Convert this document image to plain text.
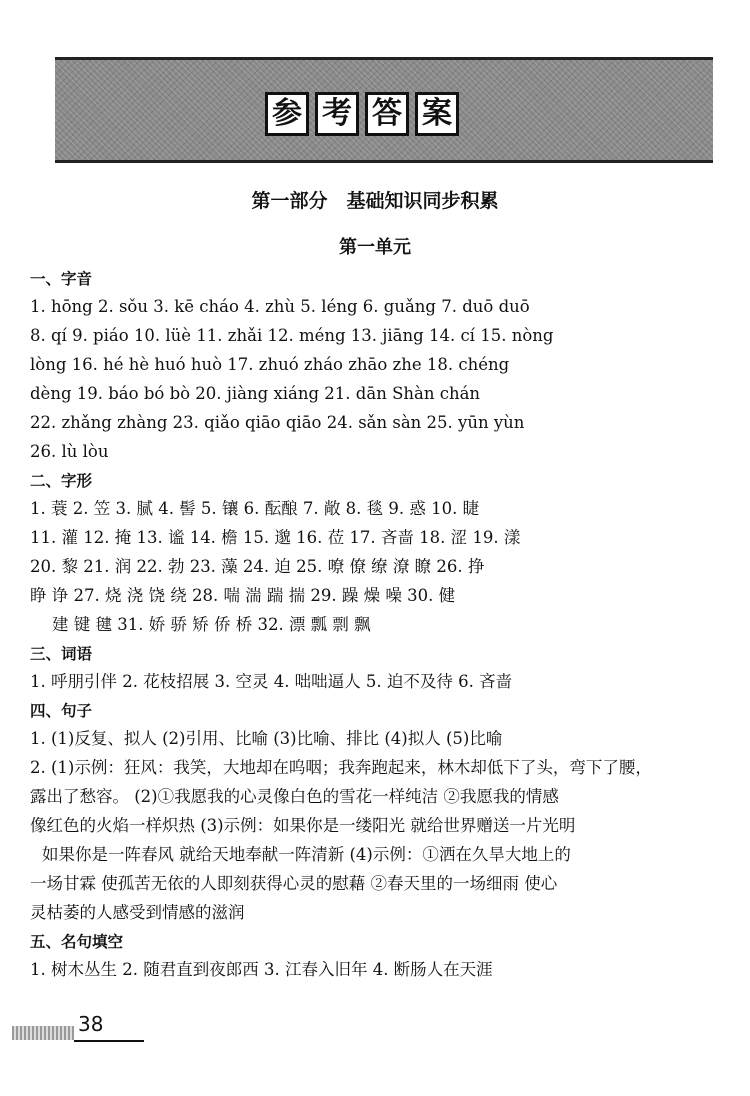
参 考 答 案
第一部分　基础知识同步积累
第一单元
一、字音
1. hōng 2. sǒu 3. kē cháo 4. zhù 5. léng 6. guǎng 7. duō duō
8. qí 9. piáo 10. lüè 11. zhǎi 12. méng 13. jiāng 14. cí 15. nòng
lòng 16. hé hè huó huò 17. zhuó zháo zhāo zhe 18. chéng
dèng 19. báo bó bò 20. jiàng xiáng 21. dān Shàn chán
22. zhǎng zhàng 23. qiǎo qiāo qiāo 24. sǎn sàn 25. yūn yùn
26. lù lòu
二、字形
1. 蓑 2. 笠 3. 腻 4. 髻 5. 镶 6. 酝酿 7. 敞 8. 毯 9. 惑 10. 睫
11. 灌 12. 掩 13. 谧 14. 檐 15. 邈 16. 莅 17. 吝啬 18. 涩 19. 漾
20. 黎 21. 润 22. 勃 23. 藻 24. 迫 25. 嘹 僚 缭 潦 瞭 26. 挣
睁 诤 27. 烧 浇 饶 绕 28. 喘 湍 踹 揣 29. 躁 燥 噪 30. 健
建 键 毽 31. 娇 骄 矫 侨 桥 32. 漂 瓢 剽 飘
三、词语
1. 呼朋引伴 2. 花枝招展 3. 空灵 4. 咄咄逼人 5. 迫不及待 6. 吝啬
四、句子
1. (1)反复、拟人 (2)引用、比喻 (3)比喻、排比 (4)拟人 (5)比喻
2. (1)示例：狂风：我笑，大地却在呜咽；我奔跑起来，林木却低下了头，弯下了腰，
露出了愁容。 (2)①我愿我的心灵像白色的雪花一样纯洁 ②我愿我的情感
像红色的火焰一样炽热 (3)示例：如果你是一缕阳光 就给世界赠送一片光明
如果你是一阵春风 就给天地奉献一阵清新 (4)示例：①洒在久旱大地上的
一场甘霖 使孤苦无依的人即刻获得心灵的慰藉 ②春天里的一场细雨 使心
灵枯萎的人感受到情感的滋润
五、名句填空
1. 树木丛生 2. 随君直到夜郎西 3. 江春入旧年 4. 断肠人在天涯
38
